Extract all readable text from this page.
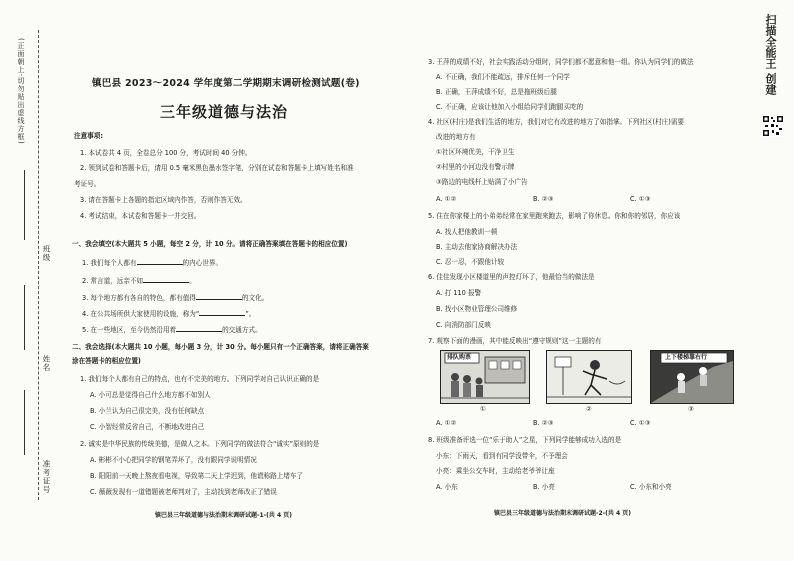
(正面朝上·切勿贴出虚线方框)
班级
姓名
准考证号
镇巴县 2023～2024 学年度第二学期期末调研检测试题(卷)
三年级道德与法治
注意事项:
1. 本试卷共 4 页，全卷总分 100 分，考试时间 40 分钟。
2. 领到试卷和答题卡后，请用 0.5 毫米黑色墨水签字笔，分别在试卷和答题卡上填写姓名和准
考证号。
3. 请在答题卡上各题的指定区域内作答，否则作答无效。
4. 考试结束，本试卷和答题卡一并交回。
一、我会填空(本大题共 5 小题，每空 2 分，计 10 分。请将正确答案填在答题卡的相应位置)
1. 我们每个人都有	的内心世界。
2. 常言道，远亲不如	。
3. 每个地方都有各自的特色，都有值得	的文化。
4. 在公共场所供大家使用的设施，称为“	”。
5. 在一些地区，至今仍然沿用着	的交通方式。
二、我会选择(本大题共 10 小题，每小题 3 分，计 30 分。每小题只有一个正确答案，请将正确答案
涂在答题卡的相应位置)
1. 我们每个人都有自己的特点，也有不完美的地方。下列同学对自己认识正确的是
A. 小可总是觉得自己什么地方都不如别人
B. 小兰认为自己很完美，没有任何缺点
C. 小智经常反省自己，不断地改进自己
2. 诚实是中华民族的传统美德，是做人之本。下列同学的做法符合“诚实”原则的是
A. 彬彬不小心把同学的钢笔弄坏了，没有跟同学说明情况
B. 阳阳前一天晚上熬夜看电视，导致第二天上学迟到，他谎称路上堵车了
C. 薇薇发现有一道错题被老师判对了，主动找到老师改正了错误
镇巴县三年级道德与法治期末调研试题-1-(共 4 页)
3. 王萍的成绩不好，社会实践活动分组时，同学们都不愿意和他一组。你认为同学们的做法
A. 不正确，我们不能疏远，排斥任何一个同学
B. 正确，王萍成绩不好，总是拖班级后腿
C. 不正确，应该让他加入小组给同学们跑腿买吃的
4. 社区(村庄)是我们生活的地方，我们对它有改进的地方了如指掌。下列社区(村庄)需要
改进的地方有
①社区环境优美，干净卫生
②村里的小河边没有警示牌
③路边的电线杆上贴满了小广告
A. ①②	B. ②③	C. ①③
5. 住在你家楼上的小弟弟经常在家里跑来跑去，影响了你休息。你和你的邻居，你应该
A. 找人把他教训一顿
B. 主动去他家协商解决办法
C. 忍一忍，不跟他计较
6. 佳佳发现小区楼道里的声控灯坏了，他最恰当的做法是
A. 打 110 报警
B. 找小区物业管理公司维修
C. 向消防部门反映
7. 观察下面的漫画，其中能反映出“遵守规则”这一主题的有
排队购票
①	②
上下楼梯靠右行
③
A. ①②	B. ②③	C. ①③
8. 班级准备评选一位“乐于助人”之星，下列同学能够成功入选的是
小东：下雨天，看到有同学没带伞，不予理会
小亮：乘坐公交车时，主动给老爷爷让座
A. 小东	B. 小亮	C. 小东和小亮
镇巴县三年级道德与法治期末调研试题-2-(共 4 页)
扫描全能王 创建
